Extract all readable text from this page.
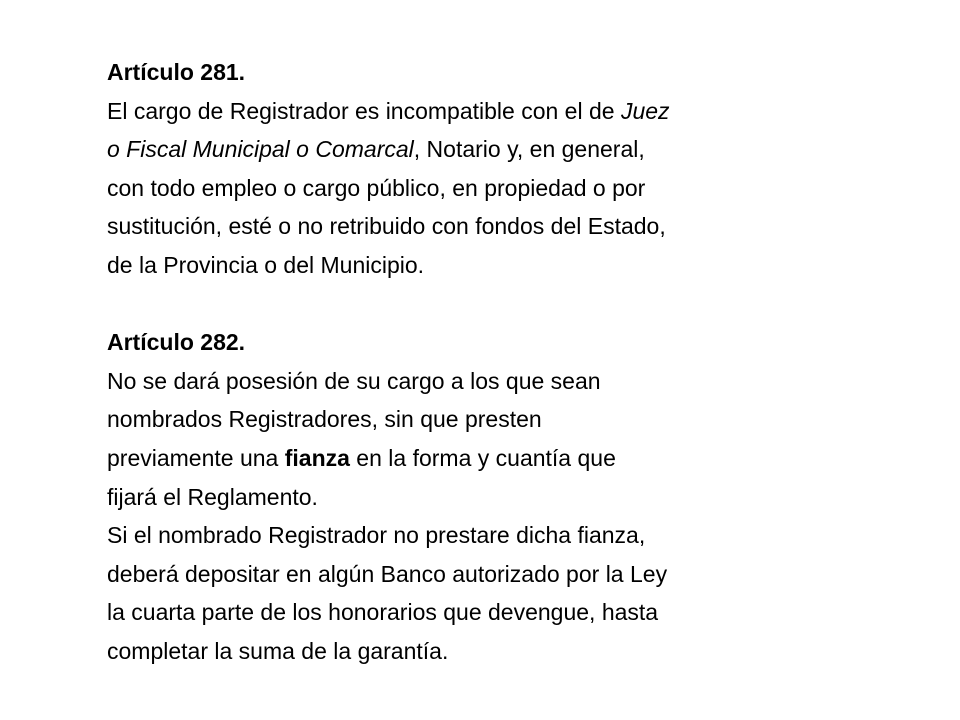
Artículo 281.
El cargo de Registrador es incompatible con el de Juez
o Fiscal Municipal o Comarcal, Notario y, en general,
con todo empleo o cargo público, en propiedad o por
sustitución, esté o no retribuido con fondos del Estado,
de la Provincia o del Municipio.
Artículo 282.
No se dará posesión de su cargo a los que sean
nombrados Registradores, sin que presten
previamente una fianza en la forma y cuantía que
fijará el Reglamento.
Si el nombrado Registrador no prestare dicha fianza,
deberá depositar en algún Banco autorizado por la Ley
la cuarta parte de los honorarios que devengue, hasta
completar la suma de la garantía.
